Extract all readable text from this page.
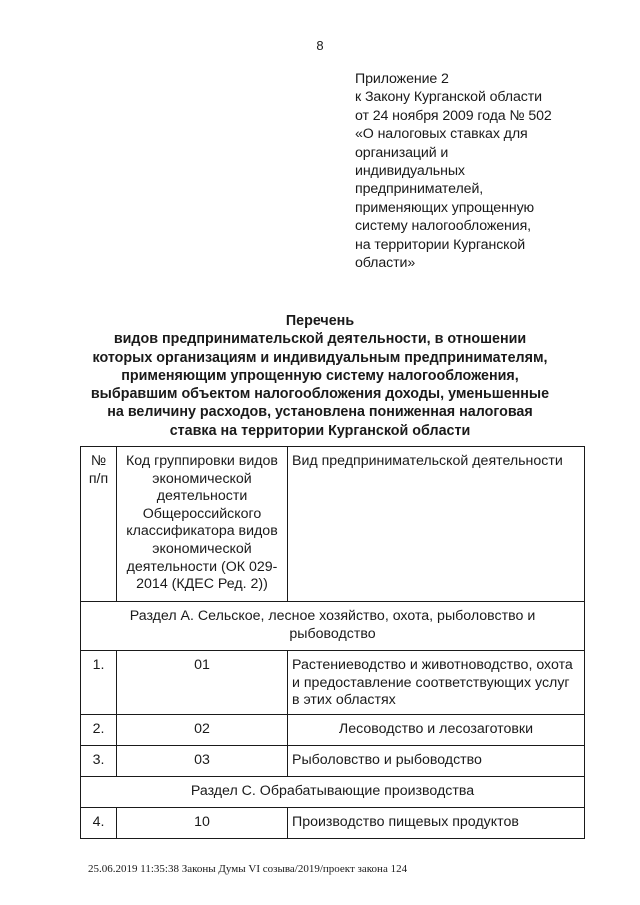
8
Приложение 2
к Закону Курганской области
от 24 ноября 2009 года № 502
«О налоговых ставках для
организаций и
индивидуальных
предпринимателей,
применяющих упрощенную
систему налогообложения,
на территории Курганской
области»
Перечень
видов предпринимательской деятельности, в отношении
которых организациям и индивидуальным предпринимателям,
применяющим упрощенную систему налогообложения,
выбравшим объектом налогообложения доходы, уменьшенные
на величину расходов, установлена пониженная налоговая
ставка на территории Курганской области
№ п/п	Код группировки видов экономической деятельности Общероссийского классификатора видов экономической деятельности (ОК 029-2014 (КДЕС Ред. 2))	Вид предпринимательской деятельности
Раздел А. Сельское, лесное хозяйство, охота, рыболовство и рыбоводство		
1.	01	Растениеводство и животноводство, охота и предоставление соответствующих услуг в этих областях
2.	02	Лесоводство и лесозаготовки
3.	03	Рыболовство и рыбоводство
Раздел С. Обрабатывающие производства		
4.	10	Производство пищевых продуктов
25.06.2019 11:35:38 Законы Думы VI созыва/2019/проект закона 124
